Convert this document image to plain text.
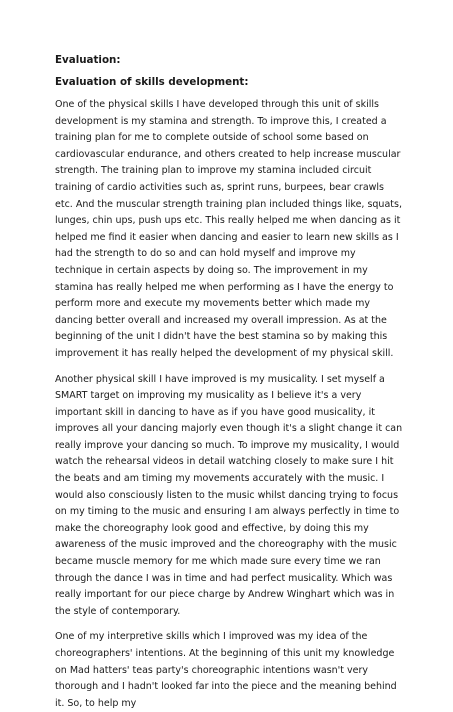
Evaluation:
Evaluation of skills development:

One of the physical skills I have developed through this unit of skills development is my stamina and strength. To improve this, I created a training plan for me to complete outside of school some based on cardiovascular endurance, and others created to help increase muscular strength. The training plan to improve my stamina included circuit training of cardio activities such as, sprint runs, burpees, bear crawls etc. And the muscular strength training plan included things like, squats, lunges, chin ups, push ups etc. This really helped me when dancing as it helped me find it easier when dancing and easier to learn new skills as I had the strength to do so and can hold myself and improve my technique in certain aspects by doing so. The improvement in my stamina has really helped me when performing as I have the energy to perform more and execute my movements better which made my dancing better overall and increased my overall impression. As at the beginning of the unit I didn't have the best stamina so by making this improvement it has really helped the development of my physical skill.

Another physical skill I have improved is my musicality. I set myself a SMART target on improving my musicality as I believe it's a very important skill in dancing to have as if you have good musicality, it improves all your dancing majorly even though it's a slight change it can really improve your dancing so much. To improve my musicality, I would watch the rehearsal videos in detail watching closely to make sure I hit the beats and am timing my movements accurately with the music. I would also consciously listen to the music whilst dancing trying to focus on my timing to the music and ensuring I am always perfectly in time to make the choreography look good and effective, by doing this my awareness of the music improved and the choreography with the music became muscle memory for me which made sure every time we ran through the dance I was in time and had perfect musicality. Which was really important for our piece charge by Andrew Winghart which was in the style of contemporary.

One of my interpretive skills which I improved was my idea of the choreographers' intentions. At the beginning of this unit my knowledge on Mad hatters' teas party's choreographic intentions wasn't very thorough and I hadn't looked far into the piece and the meaning behind it. So, to help my
